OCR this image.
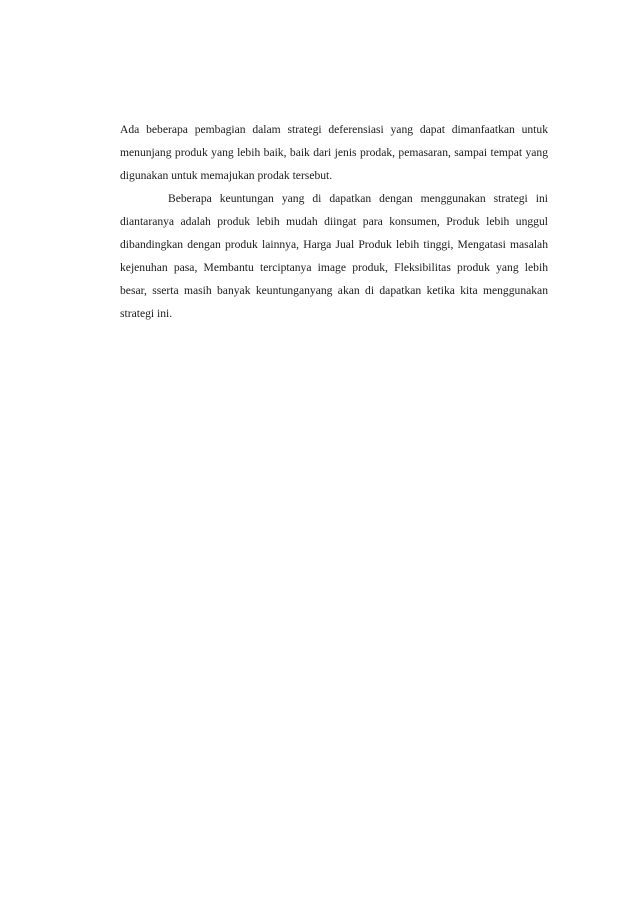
Ada beberapa pembagian dalam strategi deferensiasi yang dapat dimanfaatkan untuk menunjang produk yang lebih baik, baik dari jenis prodak, pemasaran, sampai tempat yang digunakan untuk memajukan prodak tersebut.

Beberapa keuntungan yang di dapatkan dengan menggunakan strategi ini diantaranya adalah produk lebih mudah diingat para konsumen, Produk lebih unggul dibandingkan dengan produk lainnya, Harga Jual Produk lebih tinggi, Mengatasi masalah kejenuhan pasa, Membantu terciptanya image produk, Fleksibilitas produk yang lebih besar, sserta masih banyak keuntunganyang akan di dapatkan ketika kita menggunakan strategi ini.
